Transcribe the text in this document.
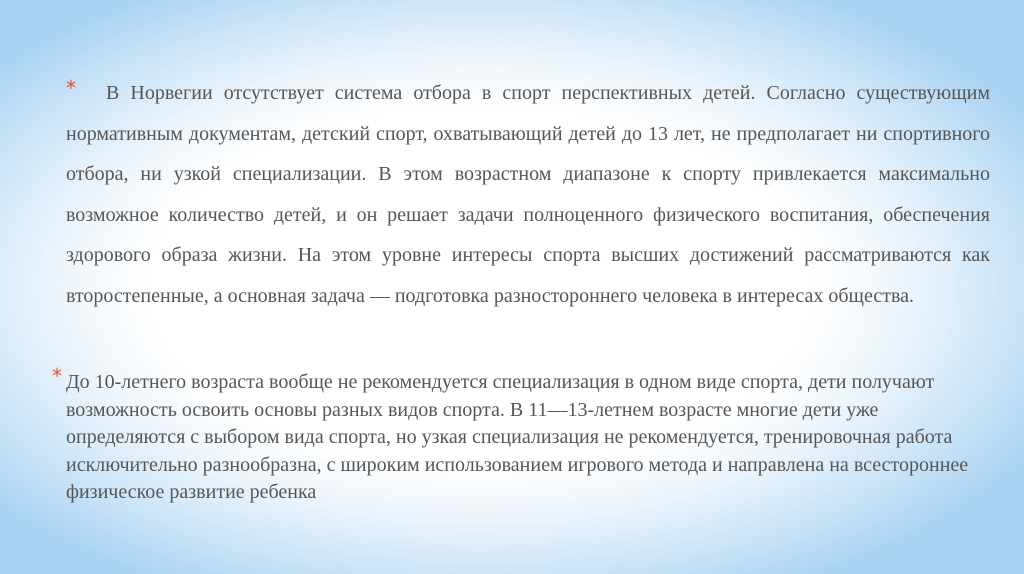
* В Норвегии отсутствует система отбора в спорт перспективных детей. Согласно существующим нормативным документам, детский спорт, охватывающий детей до 13 лет, не предполагает ни спортивного отбора, ни узкой специализации. В этом возрастном диапазоне к спорту привлекается максимально возможное количество детей, и он решает задачи полноценного физического воспитания, обеспечения здорового образа жизни. На этом уровне интересы спорта высших достижений рассматриваются как второстепенные, а основная задача — подготовка разностороннего человека в интересах общества.

* До 10-летнего возраста вообще не рекомендуется специализация в одном виде спорта, дети получают возможность освоить основы разных видов спорта. В 11—13-летнем возрасте многие дети уже определяются с выбором вида спорта, но узкая специализация не рекомендуется, тренировочная работа исключительно разнообразна, с широким использованием игрового метода и направлена на всестороннее физическое развитие ребенка
